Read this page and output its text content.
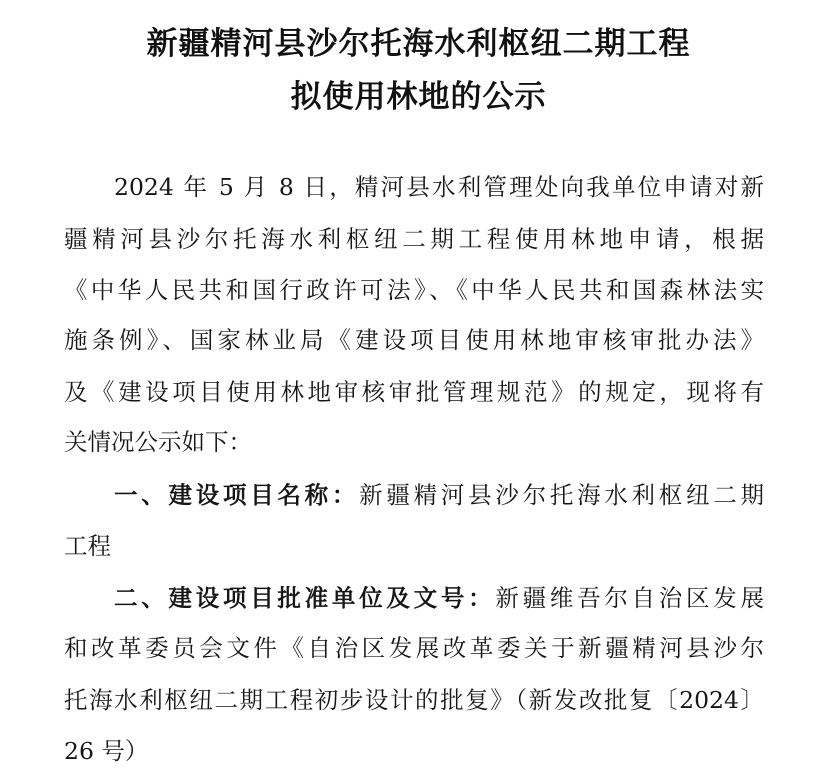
新疆精河县沙尔托海水利枢纽二期工程
拟使用林地的公示
2024 年 5 月 8 日，精河县水利管理处向我单位申请对新
疆精河县沙尔托海水利枢纽二期工程使用林地申请，根据
《中华人民共和国行政许可法》、《中华人民共和国森林法实
施条例》、国家林业局《建设项目使用林地审核审批办法》
及《建设项目使用林地审核审批管理规范》的规定，现将有
关情况公示如下：
一、建设项目名称：新疆精河县沙尔托海水利枢纽二期
工程
二、建设项目批准单位及文号：新疆维吾尔自治区发展
和改革委员会文件《自治区发展改革委关于新疆精河县沙尔
托海水利枢纽二期工程初步设计的批复》（新发改批复〔2024〕
26 号）
